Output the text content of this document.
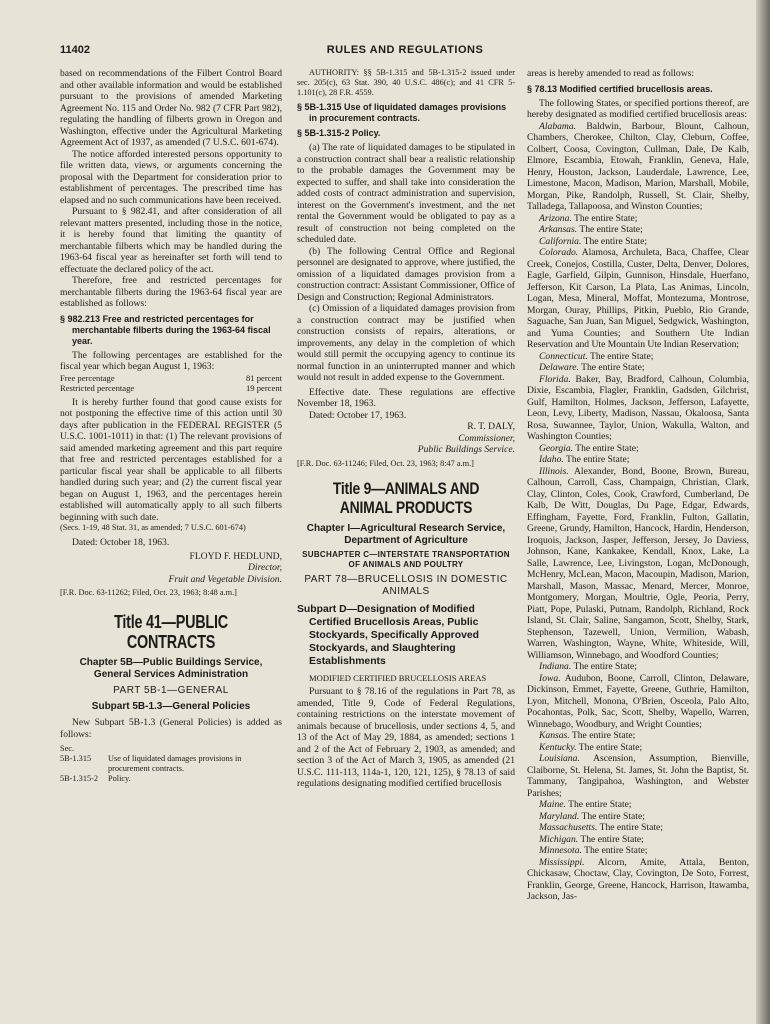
11402	RULES AND REGULATIONS

based on recommendations of the Filbert Control Board and other available information and would be established pursuant to the provisions of amended Marketing Agreement No. 115 and Order No. 982 (7 CFR Part 982), regulating the handling of filberts grown in Oregon and Washington, effective under the Agricultural Marketing Agreement Act of 1937, as amended (7 U.S.C. 601-674).

The notice afforded interested persons opportunity to file written data, views, or arguments concerning the proposal with the Department for consideration prior to establishment of percentages. The prescribed time has elapsed and no such communications have been received.

Pursuant to § 982.41, and after consideration of all relevant matters presented, including those in the notice, it is hereby found that limiting the quantity of merchantable filberts which may be handled during the 1963-64 fiscal year as hereinafter set forth will tend to effectuate the declared policy of the act.

Therefore, free and restricted percentages for merchantable filberts during the 1963-64 fiscal year are established as follows:

§ 982.213 Free and restricted percentages for merchantable filberts during the 1963-64 fiscal year.

The following percentages are established for the fiscal year which began August 1, 1963:

Free percentage	81 percent
Restricted percentage	19 percent

It is hereby further found that good cause exists for not postponing the effective time of this action until 30 days after publication in the FEDERAL REGISTER (5 U.S.C. 1001-1011) in that: (1) The relevant provisions of said amended marketing agreement and this part require that free and restricted percentages established for a particular fiscal year shall be applicable to all filberts handled during such year; and (2) the current fiscal year began on August 1, 1963, and the percentages herein established will automatically apply to all such filberts beginning with such date.

(Secs. 1-19, 48 Stat. 31, as amended; 7 U.S.C. 601-674)

Dated: October 18, 1963.

FLOYD F. HEDLUND,
Director,
Fruit and Vegetable Division.

[F.R. Doc. 63-11262; Filed, Oct. 23, 1963; 8:48 a.m.]

Title 41—PUBLIC CONTRACTS
Chapter 5B—Public Buildings Service, General Services Administration
PART 5B-1—GENERAL
Subpart 5B-1.3—General Policies

New Subpart 5B-1.3 (General Policies) is added as follows:

Sec.
5B-1.315	Use of liquidated damages provisions in procurement contracts.
5B-1.315-2	Policy.

AUTHORITY: §§ 5B-1.315 and 5B-1.315-2 issued under sec. 205(c), 63 Stat. 390, 40 U.S.C. 486(c); and 41 CFR 5-1.101(c), 28 F.R. 4559.

§ 5B-1.315 Use of liquidated damages provisions in procurement contracts.
§ 5B-1.315-2 Policy.

(a) The rate of liquidated damages to be stipulated in a construction contract shall bear a realistic relationship to the probable damages the Government may be expected to suffer, and shall take into consideration the added costs of contract administration and supervision, interest on the Government's investment, and the net rental the Government would be obligated to pay as a result of construction not being completed on the scheduled date.

(b) The following Central Office and Regional personnel are designated to approve, where justified, the omission of a liquidated damages provision from a construction contract: Assistant Commissioner, Office of Design and Construction; Regional Administrators.

(c) Omission of a liquidated damages provision from a construction contract may be justified when construction consists of repairs, alterations, or improvements, any delay in the completion of which would still permit the occupying agency to continue its normal function in an uninterrupted manner and which would not result in added expense to the Government.

Effective date. These regulations are effective November 18, 1963.

Dated: October 17, 1963.

R. T. DALY,
Commissioner,
Public Buildings Service.

[F.R. Doc. 63-11246; Filed, Oct. 23, 1963; 8:47 a.m.]

Title 9—ANIMALS AND ANIMAL PRODUCTS
Chapter I—Agricultural Research Service, Department of Agriculture
SUBCHAPTER C—INTERSTATE TRANSPORTATION OF ANIMALS AND POULTRY
PART 78—BRUCELLOSIS IN DOMESTIC ANIMALS
Subpart D—Designation of Modified Certified Brucellosis Areas, Public Stockyards, Specifically Approved Stockyards, and Slaughtering Establishments
MODIFIED CERTIFIED BRUCELLOSIS AREAS

Pursuant to § 78.16 of the regulations in Part 78, as amended, Title 9, Code of Federal Regulations, containing restrictions on the interstate movement of animals because of brucellosis, under sections 4, 5, and 13 of the Act of May 29, 1884, as amended; sections 1 and 2 of the Act of February 2, 1903, as amended; and section 3 of the Act of March 3, 1905, as amended (21 U.S.C. 111-113, 114a-1, 120, 121, 125), § 78.13 of said regulations designating modified certified brucellosis

areas is hereby amended to read as follows:

§ 78.13 Modified certified brucellosis areas.

The following States, or specified portions thereof, are hereby designated as modified certified brucellosis areas:

Alabama. Baldwin, Barbour, Blount, Calhoun, Chambers, Cherokee, Chilton, Clay, Cleburn, Coffee, Colbert, Coosa, Covington, Cullman, Dale, De Kalb, Elmore, Escambia, Etowah, Franklin, Geneva, Hale, Henry, Houston, Jackson, Lauderdale, Lawrence, Lee, Limestone, Macon, Madison, Marion, Marshall, Mobile, Morgan, Pike, Randolph, Russell, St. Clair, Shelby, Talladega, Tallapoosa, and Winston Counties;

Arizona. The entire State;

Arkansas. The entire State;

California. The entire State;

Colorado. Alamosa, Archuleta, Baca, Chaffee, Clear Creek, Conejos, Costilla, Custer, Delta, Denver, Dolores, Eagle, Garfield, Gilpin, Gunnison, Hinsdale, Huerfano, Jefferson, Kit Carson, La Plata, Las Animas, Lincoln, Logan, Mesa, Mineral, Moffat, Montezuma, Montrose, Morgan, Ouray, Phillips, Pitkin, Pueblo, Rio Grande, Saguache, San Juan, San Miguel, Sedgwick, Washington, and Yuma Counties; and Southern Ute Indian Reservation and Ute Mountain Ute Indian Reservation;

Connecticut. The entire State;

Delaware. The entire State;

Florida. Baker, Bay, Bradford, Calhoun, Columbia, Dixie, Escambia, Flagler, Franklin, Gadsden, Gilchrist, Gulf, Hamilton, Holmes, Jackson, Jefferson, Lafayette, Leon, Levy, Liberty, Madison, Nassau, Okaloosa, Santa Rosa, Suwannee, Taylor, Union, Wakulla, Walton, and Washington Counties;

Georgia. The entire State;

Idaho. The entire State;

Illinois. Alexander, Bond, Boone, Brown, Bureau, Calhoun, Carroll, Cass, Champaign, Christian, Clark, Clay, Clinton, Coles, Cook, Crawford, Cumberland, De Kalb, De Witt, Douglas, Du Page, Edgar, Edwards, Effingham, Fayette, Ford, Franklin, Fulton, Gallatin, Greene, Grundy, Hamilton, Hancock, Hardin, Henderson, Iroquois, Jackson, Jasper, Jefferson, Jersey, Jo Daviess, Johnson, Kane, Kankakee, Kendall, Knox, Lake, La Salle, Lawrence, Lee, Livingston, Logan, McDonough, McHenry, McLean, Macon, Macoupin, Madison, Marion, Marshall, Mason, Massac, Menard, Mercer, Monroe, Montgomery, Morgan, Moultrie, Ogle, Peoria, Perry, Piatt, Pope, Pulaski, Putnam, Randolph, Richland, Rock Island, St. Clair, Saline, Sangamon, Scott, Shelby, Stark, Stephenson, Tazewell, Union, Vermilion, Wabash, Warren, Washington, Wayne, White, Whiteside, Will, Williamson, Winnebago, and Woodford Counties;

Indiana. The entire State;

Iowa. Audubon, Boone, Carroll, Clinton, Delaware, Dickinson, Emmet, Fayette, Greene, Guthrie, Hamilton, Lyon, Mitchell, Monona, O'Brien, Osceola, Palo Alto, Pocahontas, Polk, Sac, Scott, Shelby, Wapello, Warren, Winnebago, Woodbury, and Wright Counties;

Kansas. The entire State;

Kentucky. The entire State;

Louisiana. Ascension, Assumption, Bienville, Claiborne, St. Helena, St. James, St. John the Baptist, St. Tammany, Tangipahoa, Washington, and Webster Parishes;

Maine. The entire State;

Maryland. The entire State;

Massachusetts. The entire State;

Michigan. The entire State;

Minnesota. The entire State;

Mississippi. Alcorn, Amite, Attala, Benton, Chickasaw, Choctaw, Clay, Covington, De Soto, Forrest, Franklin, George, Greene, Hancock, Harrison, Itawamba, Jackson, Jas-
